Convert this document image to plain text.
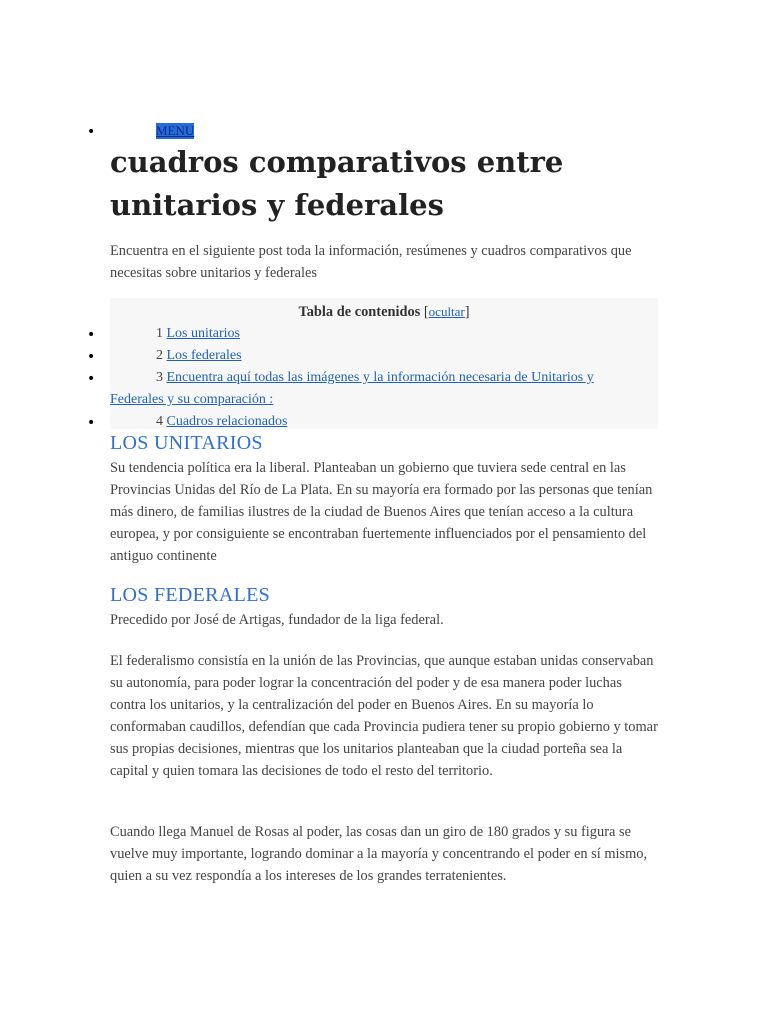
•	MENU
cuadros comparativos entre unitarios y federales

Encuentra en el siguiente post toda la información, resúmenes y cuadros comparativos que necesitas sobre unitarios y federales

Tabla de contenidos [ocultar]
•	1 Los unitarios
•	2 Los federales
•	3 Encuentra aquí todas las imágenes y la información necesaria de Unitarios y
Federales y su comparación :
•	4 Cuadros relacionados
LOS UNITARIOS

Su tendencia política era la liberal. Planteaban un gobierno que tuviera sede central en las Provincias Unidas del Río de La Plata. En su mayoría era formado por las personas que tenían más dinero, de familias ilustres de la ciudad de Buenos Aires que tenían acceso a la cultura europea, y por consiguiente se encontraban fuertemente influenciados por el pensamiento del antiguo continente

LOS FEDERALES

Precedido por José de Artigas, fundador de la liga federal.

El federalismo consistía en la unión de las Provincias, que aunque estaban unidas conservaban su autonomía, para poder lograr la concentración del poder y de esa manera poder luchas contra los unitarios, y la centralización del poder en Buenos Aires. En su mayoría lo conformaban caudillos, defendían que cada Provincia pudiera tener su propio gobierno y tomar sus propias decisiones, mientras que los unitarios planteaban que la ciudad porteña sea la capital y quien tomara las decisiones de todo el resto del territorio.

Cuando llega Manuel de Rosas al poder, las cosas dan un giro de 180 grados y su figura se vuelve muy importante, logrando dominar a la mayoría y concentrando el poder en sí mismo, quien a su vez respondía a los intereses de los grandes terratenientes.
